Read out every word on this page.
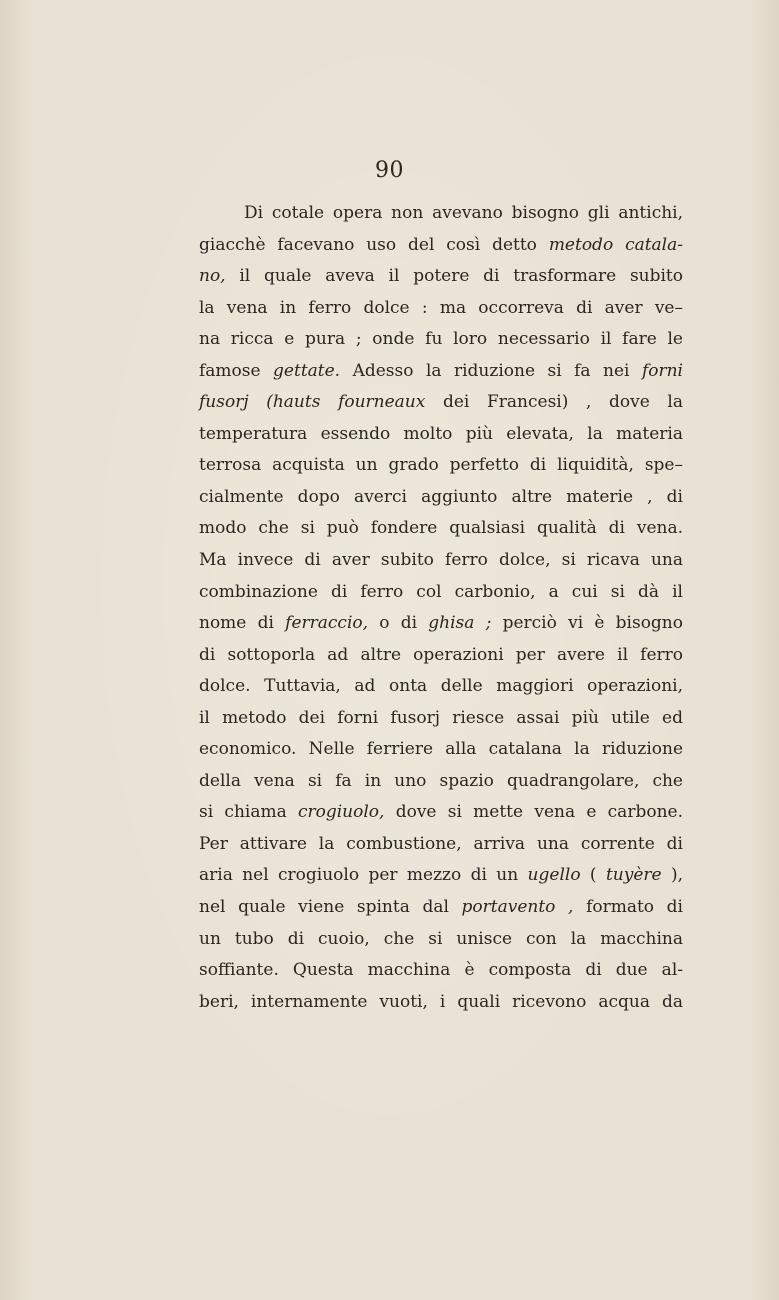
90
Di cotale opera non avevano bisogno gli antichi,
giacchè facevano uso del così detto metodo catala-
no, il quale aveva il potere di trasformare subito
la vena in ferro dolce : ma occorreva di aver ve–
na ricca e pura ; onde fu loro necessario il fare le
famose gettate. Adesso la riduzione si fa nei forni
fusorj (hauts fourneaux dei Francesi) , dove la
temperatura essendo molto più elevata, la materia
terrosa acquista un grado perfetto di liquidità, spe–
cialmente dopo averci aggiunto altre materie , di
modo che si può fondere qualsiasi qualità di vena.
Ma invece di aver subito ferro dolce, si ricava una
combinazione di ferro col carbonio, a cui si dà il
nome di ferraccio, o di ghisa ; perciò vi è bisogno
di sottoporla ad altre operazioni per avere il ferro
dolce. Tuttavia, ad onta delle maggiori operazioni,
il metodo dei forni fusorj riesce assai più utile ed
economico. Nelle ferriere alla catalana la riduzione
della vena si fa in uno spazio quadrangolare, che
si chiama crogiuolo, dove si mette vena e carbone.
Per attivare la combustione, arriva una corrente di
aria nel crogiuolo per mezzo di un ugello ( tuyère ),
nel quale viene spinta dal portavento , formato di
un tubo di cuoio, che si unisce con la macchina
soffiante. Questa macchina è composta di due al-
beri, internamente vuoti, i quali ricevono acqua da
